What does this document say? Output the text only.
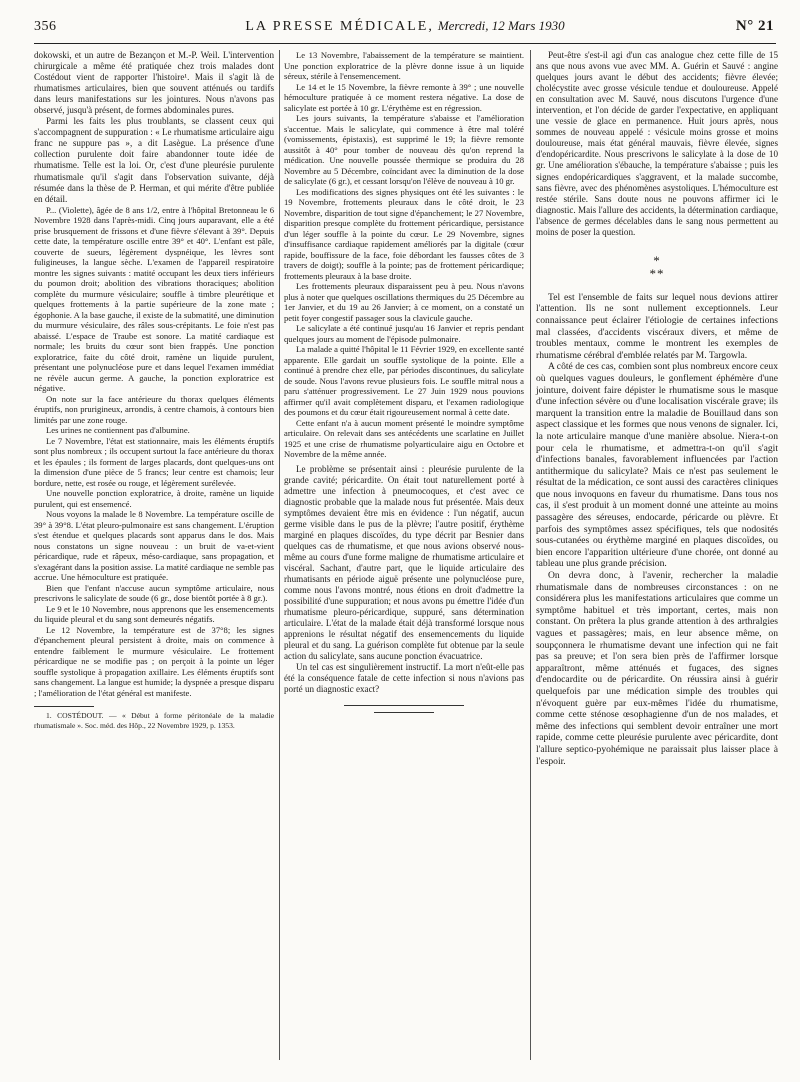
356	LA PRESSE MÉDICALE, Mercredi, 12 Mars 1930	N° 21

dokowski, et un autre de Bezançon et M.-P. Weil. L'intervention chirurgicale a même été pratiquée chez trois malades dont Costédout vient de rapporter l'histoire¹. Mais il s'agit là de rhumatismes articulaires, bien que souvent atténués ou tardifs dans leurs manifestations sur les jointures. Nous n'avons pas observé, jusqu'à présent, de formes abdominales pures.

Parmi les faits les plus troublants, se classent ceux qui s'accompagnent de suppuration : « Le rhumatisme articulaire aigu franc ne suppure pas », a dit Lasègue. La présence d'une collection purulente doit faire abandonner toute idée de rhumatisme. Telle est la loi. Or, c'est d'une pleurésie purulente rhumatismale qu'il s'agit dans l'observation suivante, déjà résumée dans la thèse de P. Herman, et qui mérite d'être publiée en détail.

P... (Violette), âgée de 8 ans 1/2, entre à l'hôpital Bretonneau le 6 Novembre 1928 dans l'après-midi. Cinq jours auparavant, elle a été prise brusquement de frissons et d'une fièvre s'élevant à 39°. Depuis cette date, la température oscille entre 39° et 40°. L'enfant est pâle, couverte de sueurs, légèrement dyspnéique, les lèvres sont fuligineuses, la langue sèche. L'examen de l'appareil respiratoire montre les signes suivants : matité occupant les deux tiers inférieurs du poumon droit; abolition des vibrations thoraciques; abolition complète du murmure vésiculaire; souffle à timbre pleurétique et quelques frottements à la partie supérieure de la zone mate ; égophonie. A la base gauche, il existe de la submatité, une diminution du murmure vésiculaire, des râles sous-crépitants. Le foie n'est pas abaissé. L'espace de Traube est sonore. La matité cardiaque est normale; les bruits du cœur sont bien frappés. Une ponction exploratrice, faite du côté droit, ramène un liquide purulent, présentant une polynucléose pure et dans lequel l'examen immédiat ne révèle aucun germe. A gauche, la ponction exploratrice est négative.

On note sur la face antérieure du thorax quelques éléments éruptifs, non prurigineux, arrondis, à centre chamois, à contours bien limités par une zone rouge.

Les urines ne contiennent pas d'albumine.

Le 7 Novembre, l'état est stationnaire, mais les éléments éruptifs sont plus nombreux ; ils occupent surtout la face antérieure du thorax et les épaules ; ils forment de larges placards, dont quelques-uns ont la dimension d'une pièce de 5 francs; leur centre est chamois; leur bordure, nette, est rosée ou rouge, et légèrement surélevée.

Une nouvelle ponction exploratrice, à droite, ramène un liquide purulent, qui est ensemencé.

Nous voyons la malade le 8 Novembre. La température oscille de 39° à 39°8. L'état pleuro-pulmonaire est sans changement. L'éruption s'est étendue et quelques placards sont apparus dans le dos. Mais nous constatons un signe nouveau : un bruit de va-et-vient péricardique, rude et râpeux, méso-cardiaque, sans propagation, et s'exagérant dans la position assise. La matité cardiaque ne semble pas accrue. Une hémoculture est pratiquée.

Bien que l'enfant n'accuse aucun symptôme articulaire, nous prescrivons le salicylate de soude (6 gr., dose bientôt portée à 8 gr.).

Le 9 et le 10 Novembre, nous apprenons que les ensemencements du liquide pleural et du sang sont demeurés négatifs.

Le 12 Novembre, la température est de 37°8; les signes d'épanchement pleural persistent à droite, mais on commence à entendre faiblement le murmure vésiculaire. Le frottement péricardique ne se modifie pas ; on perçoit à la pointe un léger souffle systolique à propagation axillaire. Les éléments éruptifs sont sans changement. La langue est humide; la dyspnée a presque disparu ; l'amélioration de l'état général est manifeste.

1. COSTÉDOUT. — « Début à forme péritonéale de la maladie rhumatismale ». Soc. méd. des Hôp., 22 Novembre 1929, p. 1353.

Le 13 Novembre, l'abaissement de la température se maintient. Une ponction exploratrice de la plèvre donne issue à un liquide séreux, stérile à l'ensemencement.

Le 14 et le 15 Novembre, la fièvre remonte à 39° ; une nouvelle hémoculture pratiquée à ce moment restera négative. La dose de salicylate est portée à 10 gr. L'érythème est en régression.

Les jours suivants, la température s'abaisse et l'amélioration s'accentue. Mais le salicylate, qui commence à être mal toléré (vomissements, épistaxis), est supprimé le 19; la fièvre remonte aussitôt à 40° pour tomber de nouveau dès qu'on reprend la médication. Une nouvelle poussée thermique se produira du 28 Novembre au 5 Décembre, coïncidant avec la diminution de la dose de salicylate (6 gr.), et cessant lorsqu'on l'élève de nouveau à 10 gr.

Les modifications des signes physiques ont été les suivantes : le 19 Novembre, frottements pleuraux dans le côté droit, le 23 Novembre, disparition de tout signe d'épanchement; le 27 Novembre, disparition presque complète du frottement péricardique, persistance d'un léger souffle à la pointe du cœur. Le 29 Novembre, signes d'insuffisance cardiaque rapidement améliorés par la digitale (cœur rapide, bouffissure de la face, foie débordant les fausses côtes de 3 travers de doigt); souffle à la pointe; pas de frottement péricardique; frottements pleuraux à la base droite.

Les frottements pleuraux disparaissent peu à peu. Nous n'avons plus à noter que quelques oscillations thermiques du 25 Décembre au 1er Janvier, et du 19 au 26 Janvier; à ce moment, on a constaté un petit foyer congestif passager sous la clavicule gauche.

Le salicylate a été continué jusqu'au 16 Janvier et repris pendant quelques jours au moment de l'épisode pulmonaire.

La malade a quitté l'hôpital le 11 Février 1929, en excellente santé apparente. Elle gardait un souffle systolique de la pointe. Elle a continué à prendre chez elle, par périodes discontinues, du salicylate de soude. Nous l'avons revue plusieurs fois. Le souffle mitral nous a paru s'atténuer progressivement. Le 27 Juin 1929 nous pouvions affirmer qu'il avait complètement disparu, et l'examen radiologique des poumons et du cœur était rigoureusement normal à cette date.

Cette enfant n'a à aucun moment présenté le moindre symptôme articulaire. On relevait dans ses antécédents une scarlatine en Juillet 1925 et une crise de rhumatisme polyarticulaire aigu en Octobre et Novembre de la même année.

Le problème se présentait ainsi : pleurésie purulente de la grande cavité; péricardite. On était tout naturellement porté à admettre une infection à pneumocoques, et c'est avec ce diagnostic probable que la malade nous fut présentée. Mais deux symptômes devaient être mis en évidence : l'un négatif, aucun germe visible dans le pus de la plèvre; l'autre positif, érythème marginé en plaques discoïdes, du type décrit par Besnier dans quelques cas de rhumatisme, et que nous avions observé nous-même au cours d'une forme maligne de rhumatisme articulaire et viscéral. Sachant, d'autre part, que le liquide articulaire des rhumatisants en période aiguë présente une polynucléose pure, comme nous l'avons montré, nous étions en droit d'admettre la possibilité d'une suppuration; et nous avons pu émettre l'idée d'un rhumatisme pleuro-péricardique, suppuré, sans détermination articulaire. L'état de la malade était déjà transformé lorsque nous apprenions le résultat négatif des ensemencements du liquide pleural et du sang. La guérison complète fut obtenue par la seule action du salicylate, sans aucune ponction évacuatrice.

Un tel cas est singulièrement instructif. La mort n'eût-elle pas été la conséquence fatale de cette infection si nous n'avions pas porté un diagnostic exact?

Peut-être s'est-il agi d'un cas analogue chez cette fille de 15 ans que nous avons vue avec MM. A. Guérin et Sauvé : angine quelques jours avant le début des accidents; fièvre élevée; cholécystite avec grosse vésicule tendue et douloureuse. Appelé en consultation avec M. Sauvé, nous discutons l'urgence d'une intervention, et l'on décide de garder l'expectative, en appliquant une vessie de glace en permanence. Huit jours après, nous sommes de nouveau appelé : vésicule moins grosse et moins douloureuse, mais état général mauvais, fièvre élevée, signes d'endopéricardite. Nous prescrivons le salicylate à la dose de 10 gr. Une amélioration s'ébauche, la température s'abaisse ; puis les signes endopéricardiques s'aggravent, et la malade succombe, sans fièvre, avec des phénomènes asystoliques. L'hémoculture est restée stérile. Sans doute nous ne pouvons affirmer ici le diagnostic. Mais l'allure des accidents, la détermination cardiaque, l'absence de germes décelables dans le sang nous permettent au moins de poser la question.

*
**

Tel est l'ensemble de faits sur lequel nous devions attirer l'attention. Ils ne sont nullement exceptionnels. Leur connaissance peut éclairer l'étiologie de certaines infections mal classées, d'accidents viscéraux divers, et même de troubles mentaux, comme le montrent les exemples de rhumatisme cérébral d'emblée relatés par M. Targowla.

A côté de ces cas, combien sont plus nombreux encore ceux où quelques vagues douleurs, le gonflement éphémère d'une jointure, doivent faire dépister le rhumatisme sous le masque d'une infection sévère ou d'une localisation viscérale grave; ils marquent la transition entre la maladie de Bouillaud dans son aspect classique et les formes que nous venons de signaler. Ici, la note articulaire manque d'une manière absolue. Niera-t-on pour cela le rhumatisme, et admettra-t-on qu'il s'agit d'infections banales, favorablement influencées par l'action antithermique du salicylate? Mais ce n'est pas seulement le résultat de la médication, ce sont aussi des caractères cliniques que nous invoquons en faveur du rhumatisme. Dans tous nos cas, il s'est produit à un moment donné une atteinte au moins passagère des séreuses, endocarde, péricarde ou plèvre. Et parfois des symptômes assez spécifiques, tels que nodosités sous-cutanées ou érythème marginé en plaques discoïdes, ou bien encore l'apparition ultérieure d'une chorée, ont donné au tableau une plus grande précision.

On devra donc, à l'avenir, rechercher la maladie rhumatismale dans de nombreuses circonstances : on ne considérera plus les manifestations articulaires que comme un symptôme habituel et très important, certes, mais non constant. On prêtera la plus grande attention à des arthralgies vagues et passagères; mais, en leur absence même, on soupçonnera le rhumatisme devant une infection qui ne fait pas sa preuve; et l'on sera bien près de l'affirmer lorsque apparaîtront, même atténués et fugaces, des signes d'endocardite ou de péricardite. On réussira ainsi à guérir quelquefois par une médication simple des troubles qui n'évoquent guère par eux-mêmes l'idée du rhumatisme, comme cette sténose œsophagienne d'un de nos malades, et même des infections qui semblent devoir entraîner une mort rapide, comme cette pleurésie purulente avec péricardite, dont l'allure septico-pyohémique ne paraissait plus laisser place à l'espoir.
